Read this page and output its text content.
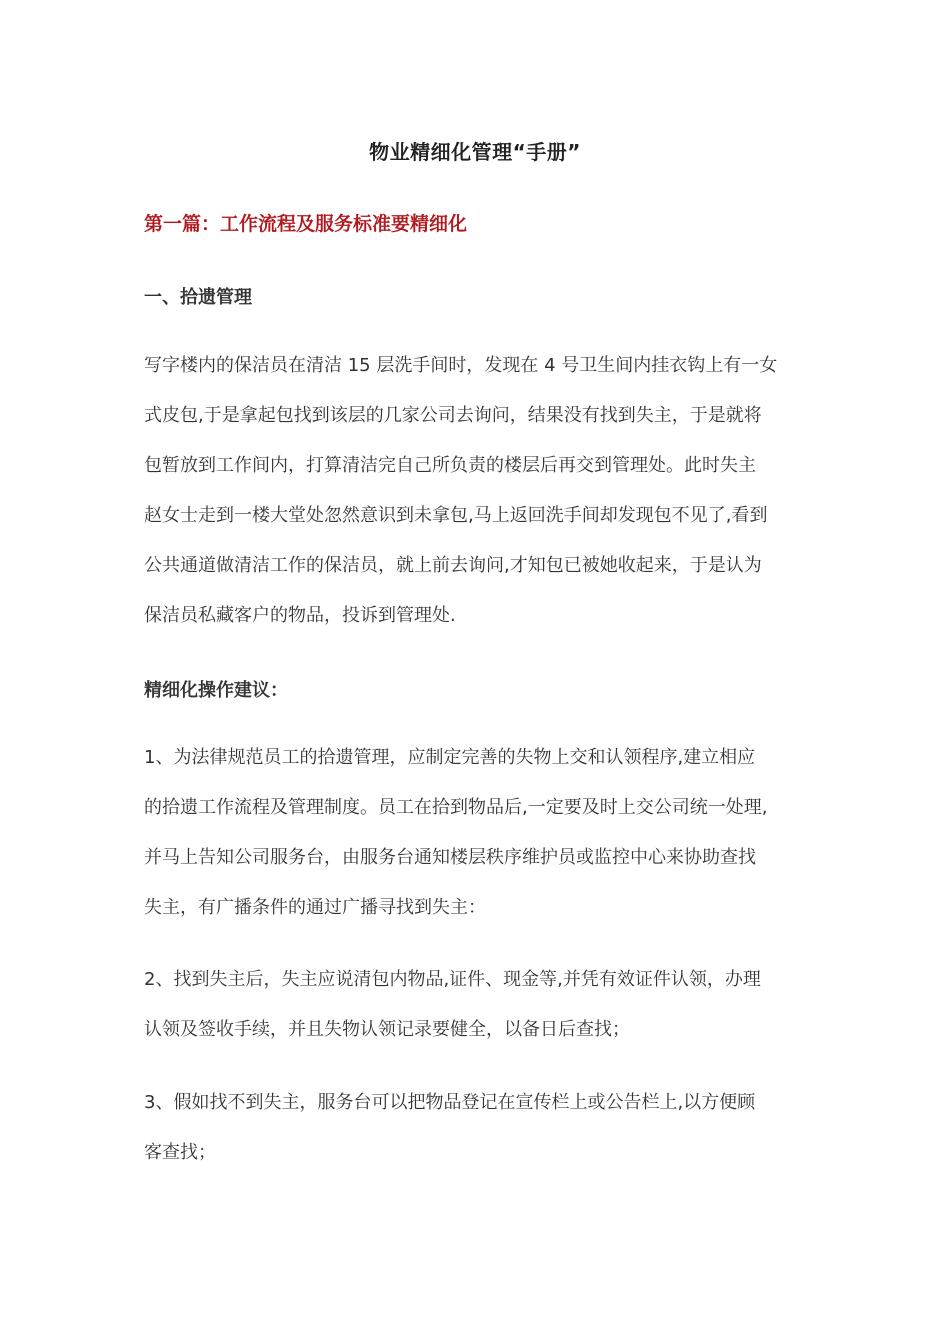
物业精细化管理“手册”
第一篇：工作流程及服务标准要精细化
一、拾遗管理
写字楼内的保洁员在清洁 15 层洗手间时，发现在 4 号卫生间内挂衣钩上有一女
式皮包,于是拿起包找到该层的几家公司去询问，结果没有找到失主，于是就将
包暂放到工作间内，打算清洁完自己所负责的楼层后再交到管理处。此时失主
赵女士走到一楼大堂处忽然意识到未拿包,马上返回洗手间却发现包不见了,看到
公共通道做清洁工作的保洁员，就上前去询问,才知包已被她收起来，于是认为
保洁员私藏客户的物品，投诉到管理处.
精细化操作建议：
1、为法律规范员工的拾遗管理，应制定完善的失物上交和认领程序,建立相应
的拾遗工作流程及管理制度。员工在拾到物品后,一定要及时上交公司统一处理,
并马上告知公司服务台，由服务台通知楼层秩序维护员或监控中心来协助查找
失主，有广播条件的通过广播寻找到失主：
2、找到失主后，失主应说清包内物品,证件、现金等,并凭有效证件认领，办理
认领及签收手续，并且失物认领记录要健全，以备日后查找；
3、假如找不到失主，服务台可以把物品登记在宣传栏上或公告栏上,以方便顾
客查找；
